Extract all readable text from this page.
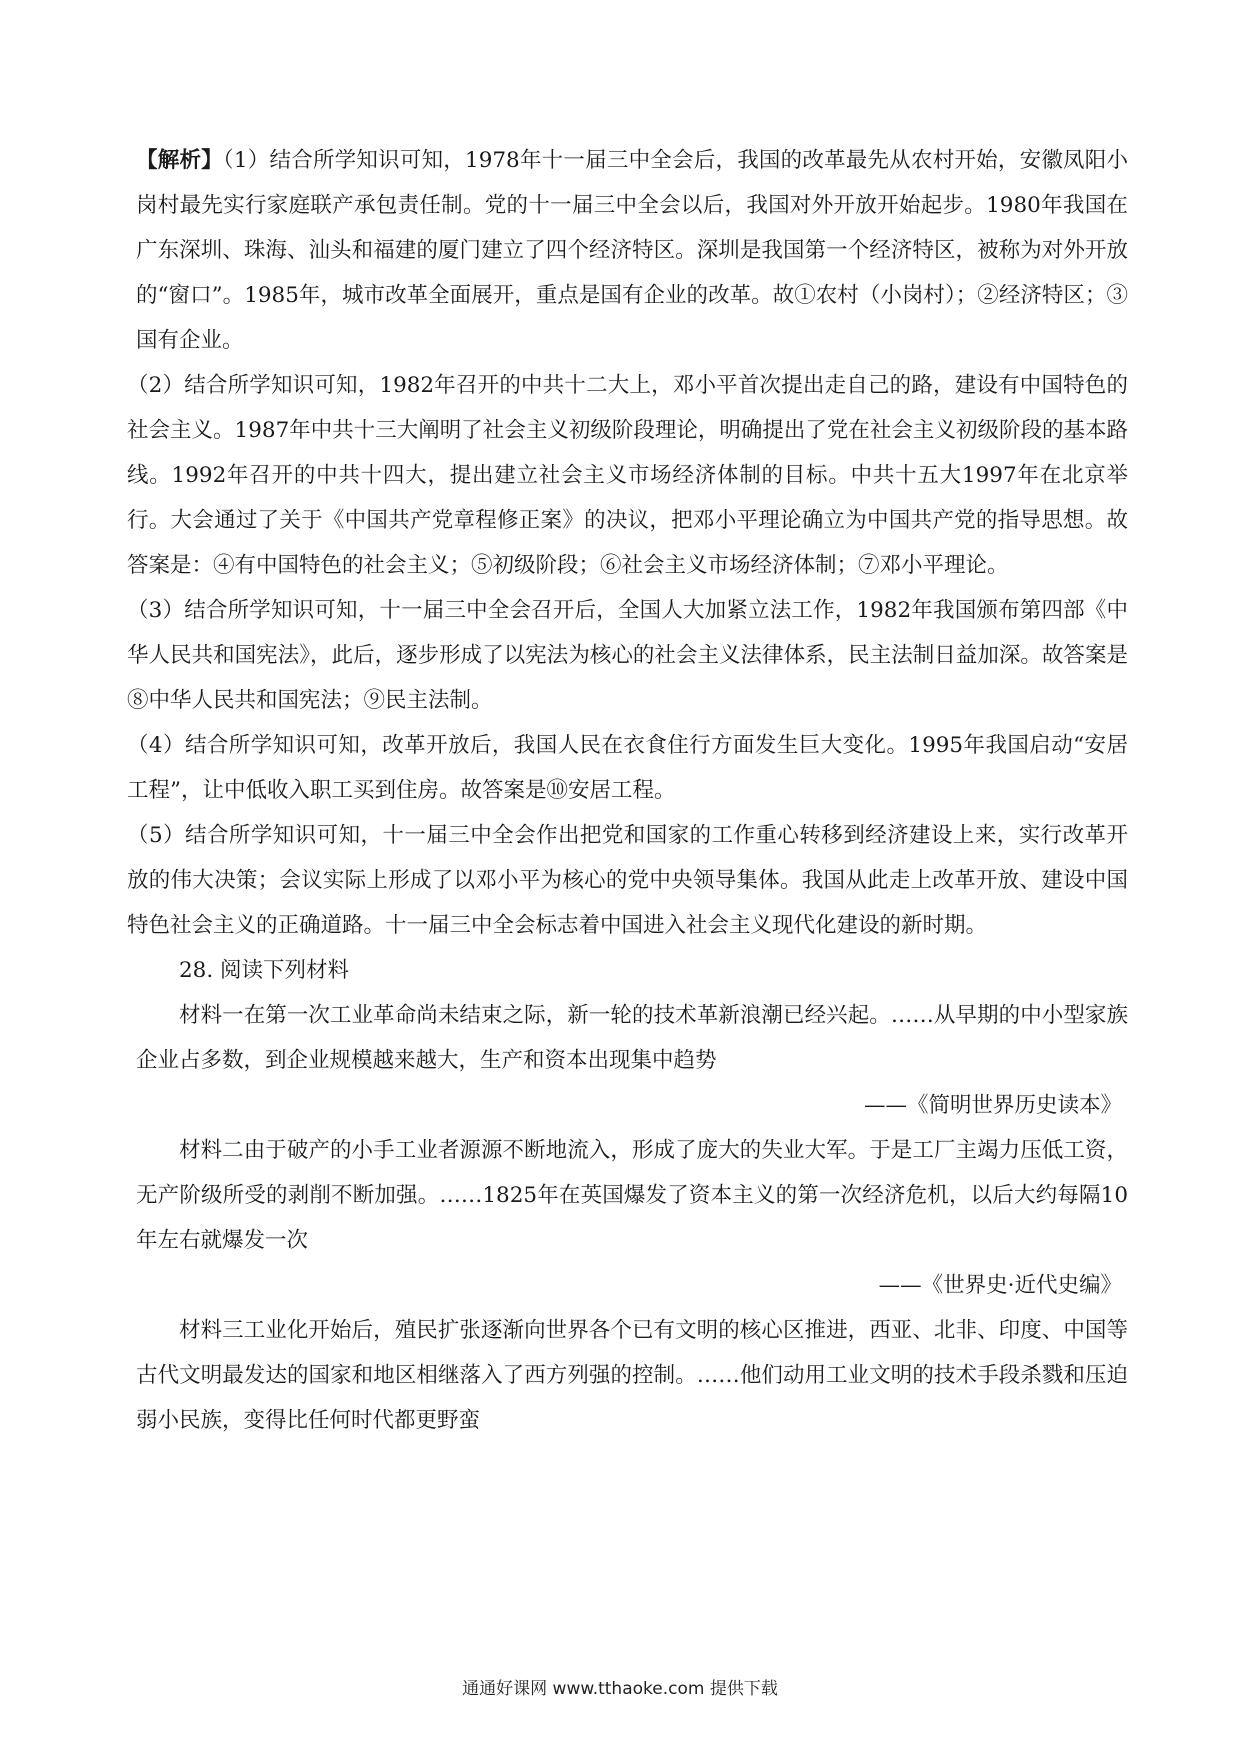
【解析】（1）结合所学知识可知，1978年十一届三中全会后，我国的改革最先从农村开始，安徽凤阳小岗村最先实行家庭联产承包责任制。党的十一届三中全会以后，我国对外开放开始起步。1980年我国在广东深圳、珠海、汕头和福建的厦门建立了四个经济特区。深圳是我国第一个经济特区，被称为对外开放的“窗口”。1985年，城市改革全面展开，重点是国有企业的改革。故①农村（小岗村）；②经济特区；③国有企业。

（2）结合所学知识可知，1982年召开的中共十二大上，邓小平首次提出走自己的路，建设有中国特色的社会主义。1987年中共十三大阐明了社会主义初级阶段理论，明确提出了党在社会主义初级阶段的基本路线。1992年召开的中共十四大，提出建立社会主义市场经济体制的目标。中共十五大1997年在北京举行。大会通过了关于《中国共产党章程修正案》的决议，把邓小平理论确立为中国共产党的指导思想。故答案是：④有中国特色的社会主义；⑤初级阶段；⑥社会主义市场经济体制；⑦邓小平理论。

（3）结合所学知识可知，十一届三中全会召开后，全国人大加紧立法工作，1982年我国颁布第四部《中华人民共和国宪法》，此后，逐步形成了以宪法为核心的社会主义法律体系，民主法制日益加深。故答案是⑧中华人民共和国宪法；⑨民主法制。

（4）结合所学知识可知，改革开放后，我国人民在衣食住行方面发生巨大变化。1995年我国启动“安居工程”，让中低收入职工买到住房。故答案是⑩安居工程。

（5）结合所学知识可知，十一届三中全会作出把党和国家的工作重心转移到经济建设上来，实行改革开放的伟大决策；会议实际上形成了以邓小平为核心的党中央领导集体。我国从此走上改革开放、建设中国特色社会主义的正确道路。十一届三中全会标志着中国进入社会主义现代化建设的新时期。

28. 阅读下列材料

材料一在第一次工业革命尚未结束之际，新一轮的技术革新浪潮已经兴起。……从早期的中小型家族企业占多数，到企业规模越来越大，生产和资本出现集中趋势

——《简明世界历史读本》

材料二由于破产的小手工业者源源不断地流入，形成了庞大的失业大军。于是工厂主竭力压低工资，无产阶级所受的剥削不断加强。……1825年在英国爆发了资本主义的第一次经济危机，以后大约每隔10年左右就爆发一次

——《世界史·近代史编》

材料三工业化开始后，殖民扩张逐渐向世界各个已有文明的核心区推进，西亚、北非、印度、中国等古代文明最发达的国家和地区相继落入了西方列强的控制。……他们动用工业文明的技术手段杀戮和压迫弱小民族，变得比任何时代都更野蛮

通通好课网 www.tthaoke.com 提供下载
